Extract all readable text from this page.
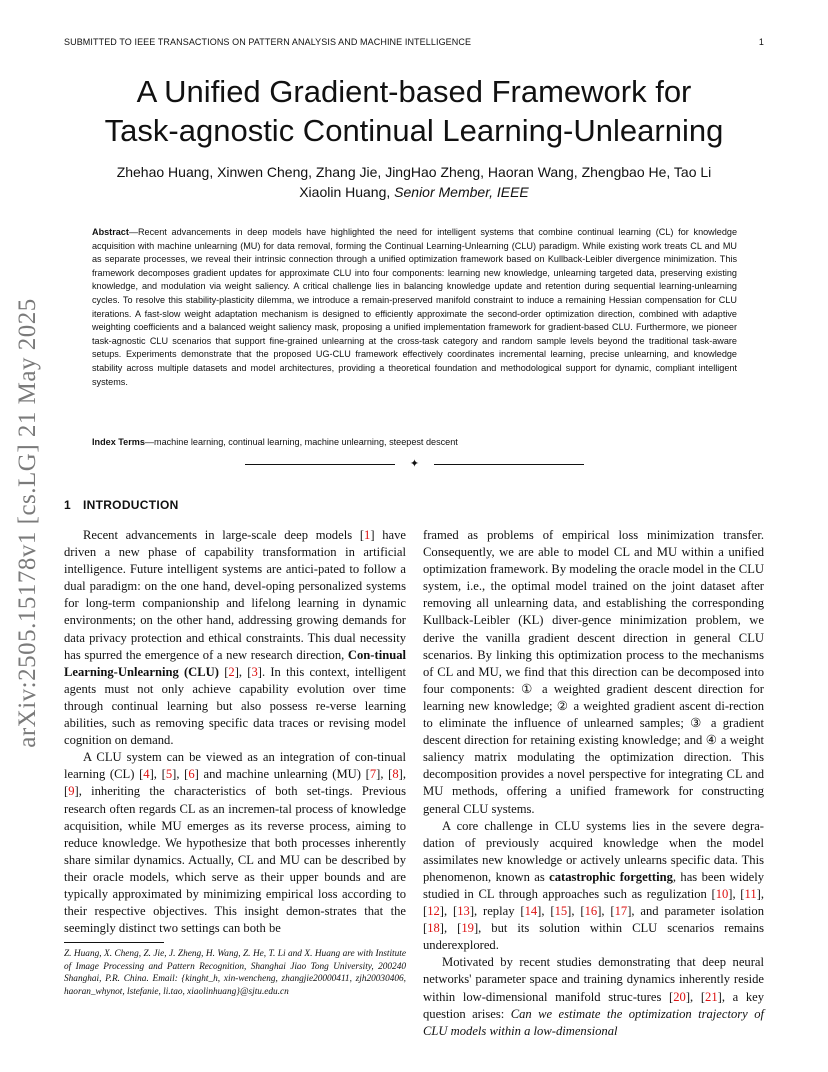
SUBMITTED TO IEEE TRANSACTIONS ON PATTERN ANALYSIS AND MACHINE INTELLIGENCE	1
arXiv:2505.15178v1 [cs.LG] 21 May 2025
A Unified Gradient-based Framework for
Task-agnostic Continual Learning-Unlearning
Zhehao Huang, Xinwen Cheng, Zhang Jie, JingHao Zheng, Haoran Wang, Zhengbao He, Tao Li
Xiaolin Huang, Senior Member, IEEE
Abstract—Recent advancements in deep models have highlighted the need for intelligent systems that combine continual learning (CL) for knowledge acquisition with machine unlearning (MU) for data removal, forming the Continual Learning-Unlearning (CLU) paradigm. While existing work treats CL and MU as separate processes, we reveal their intrinsic connection through a unified optimization framework based on Kullback-Leibler divergence minimization. This framework decomposes gradient updates for approximate CLU into four components: learning new knowledge, unlearning targeted data, preserving existing knowledge, and modulation via weight saliency. A critical challenge lies in balancing knowledge update and retention during sequential learning-unlearning cycles. To resolve this stability-plasticity dilemma, we introduce a remain-preserved manifold constraint to induce a remaining Hessian compensation for CLU iterations. A fast-slow weight adaptation mechanism is designed to efficiently approximate the second-order optimization direction, combined with adaptive weighting coefficients and a balanced weight saliency mask, proposing a unified implementation framework for gradient-based CLU. Furthermore, we pioneer task-agnostic CLU scenarios that support fine-grained unlearning at the cross-task category and random sample levels beyond the traditional task-aware setups. Experiments demonstrate that the proposed UG-CLU framework effectively coordinates incremental learning, precise unlearning, and knowledge stability across multiple datasets and model architectures, providing a theoretical foundation and methodological support for dynamic, compliant intelligent systems.
Index Terms—machine learning, continual learning, machine unlearning, steepest descent
✦
1 INTRODUCTION

Recent advancements in large-scale deep models [ 1 ] have driven a new phase of capability transformation in artificial intelligence. Future intelligent systems are antici-pated to follow a dual paradigm: on the one hand, devel-oping personalized systems for long-term companionship and lifelong learning in dynamic environments; on the other hand, addressing growing demands for data privacy protection and ethical constraints. This dual necessity has spurred the emergence of a new research direction, Con-tinual Learning-Unlearning (CLU) [ 2 ] , [ 3 ] . In this context, intelligent agents must not only achieve capability evolution over time through continual learning but also possess re-verse learning abilities, such as removing specific data traces or revising model cognition on demand.

A CLU system can be viewed as an integration of con-tinual learning (CL) [ 4 ] , [ 5 ] , [ 6 ] and machine unlearning (MU) [ 7 ] , [ 8 ] , [ 9 ] , inheriting the characteristics of both set-tings. Previous research often regards CL as an incremen-tal process of knowledge acquisition, while MU emerges as its reverse process, aiming to reduce knowledge. We hypothesize that both processes inherently share similar dynamics. Actually, CL and MU can be described by their oracle models, which serve as their upper bounds and are typically approximated by minimizing empirical loss according to their respective objectives. This insight demon-strates that the seemingly distinct two settings can both be

Z. Huang, X. Cheng, Z. Jie, J. Zheng, H. Wang, Z. He, T. Li and X. Huang are with Institute of Image Processing and Pattern Recognition, Shanghai Jiao Tong University, 200240 Shanghai, P.R. China. Email: {kinght_h, xin-wencheng, zhangjie20000411, zjh20030406, haoran_whynot, lstefanie, li.tao, xiaolinhuang}@sjtu.edu.cn

framed as problems of empirical loss minimization transfer. Consequently, we are able to model CL and MU within a unified optimization framework. By modeling the oracle model in the CLU system, i.e., the optimal model trained on the joint dataset after removing all unlearning data, and establishing the corresponding Kullback-Leibler (KL) diver-gence minimization problem, we derive the vanilla gradient descent direction in general CLU scenarios. By linking this optimization process to the mechanisms of CL and MU, we find that this direction can be decomposed into four components: ① a weighted gradient descent direction for learning new knowledge; ② a weighted gradient ascent di-rection to eliminate the influence of unlearned samples; ③ a gradient descent direction for retaining existing knowledge; and ④ a weight saliency matrix modulating the optimization direction. This decomposition provides a novel perspective for integrating CL and MU methods, offering a unified framework for constructing general CLU systems.

A core challenge in CLU systems lies in the severe degra-dation of previously acquired knowledge when the model assimilates new knowledge or actively unlearns specific data. This phenomenon, known as catastrophic forgetting, has been widely studied in CL through approaches such as regulization [ 10 ] , [ 11 ] , [ 12 ] , [ 13 ] , replay [ 14 ] , [ 15 ] , [ 16 ] , [ 17 ] , and parameter isolation [ 18 ] , [ 19 ] , but its solution within CLU scenarios remains underexplored.

Motivated by recent studies demonstrating that deep neural networks' parameter space and training dynamics inherently reside within low-dimensional manifold struc-tures [ 20 ] , [ 21 ] , a key question arises: Can we estimate the optimization trajectory of CLU models within a low-dimensional
